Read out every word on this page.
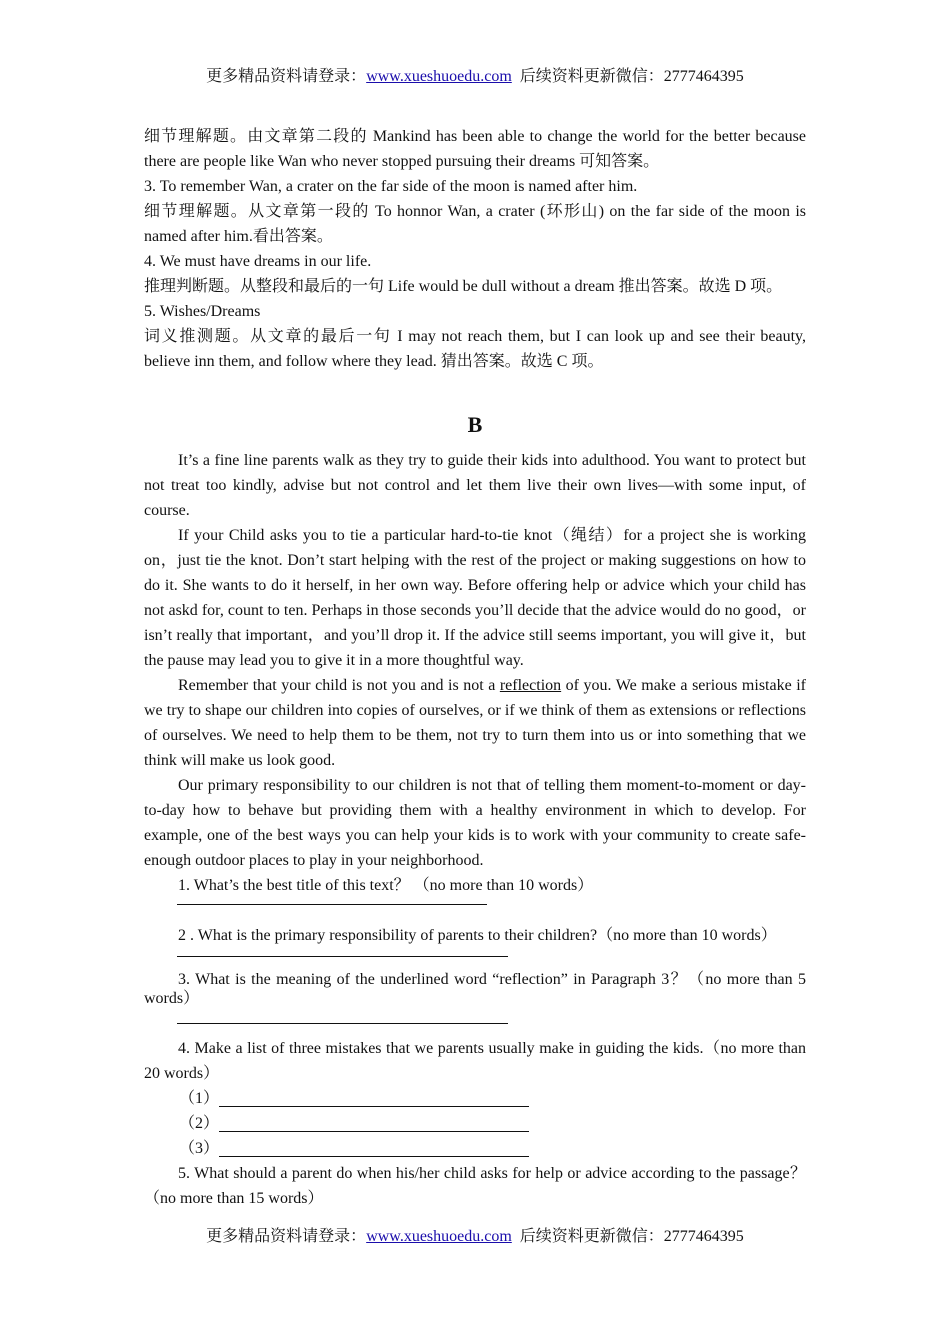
更多精品资料请登录：www.xueshuoedu.com 后续资料更新微信：2777464395

细节理解题。由文章第二段的 Mankind has been able to change the world for the better because there are people like Wan who never stopped pursuing their dreams 可知答案。

3. To remember Wan, a crater on the far side of the moon is named after him.

细节理解题。从文章第一段的 To honnor Wan, a crater (环形山) on the far side of the moon is named after him.看出答案。

4. We must have dreams in our life.

推理判断题。从整段和最后的一句 Life would be dull without a dream 推出答案。故选 D 项。

5. Wishes/Dreams

词义推测题。从文章的最后一句 I may not reach them, but I can look up and see their beauty, believe inn them, and follow where they lead. 猜出答案。故选 C 项。

B

It’s a fine line parents walk as they try to guide their kids into adulthood. You want to protect but not treat too kindly, advise but not control and let them live their own lives—with some input, of course.

If your Child asks you to tie a particular hard-to-tie knot（绳结）for a project she is working on，just tie the knot. Don’t start helping with the rest of the project or making suggestions on how to do it. She wants to do it herself, in her own way. Before offering help or advice which your child has not askd for, count to ten. Perhaps in those seconds you’ll decide that the advice would do no good，or isn’t really that important，and you’ll drop it. If the advice still seems important, you will give it，but the pause may lead you to give it in a more thoughtful way.

Remember that your child is not you and is not a reflection of you. We make a serious mistake if we try to shape our children into copies of ourselves, or if we think of them as extensions or reflections of ourselves. We need to help them to be them, not try to turn them into us or into something that we think will make us look good.

Our primary responsibility to our children is not that of telling them moment-to-moment or day-to-day how to behave but providing them with a healthy environment in which to develop. For example, one of the best ways you can help your kids is to work with your community to create safe-enough outdoor places to play in your neighborhood.

1. What’s the best title of this text？ （no more than 10 words）

2 . What is the primary responsibility of parents to their children?（no more than 10 words）

3. What is the meaning of the underlined word “reflection” in Paragraph 3？（no more than 5 words）

4. Make a list of three mistakes that we parents usually make in guiding the kids.（no more than 20 words）

（1）
（2）
（3）

5. What should a parent do when his/her child asks for help or advice according to the passage？（no more than 15 words）

更多精品资料请登录：www.xueshuoedu.com 后续资料更新微信：2777464395
